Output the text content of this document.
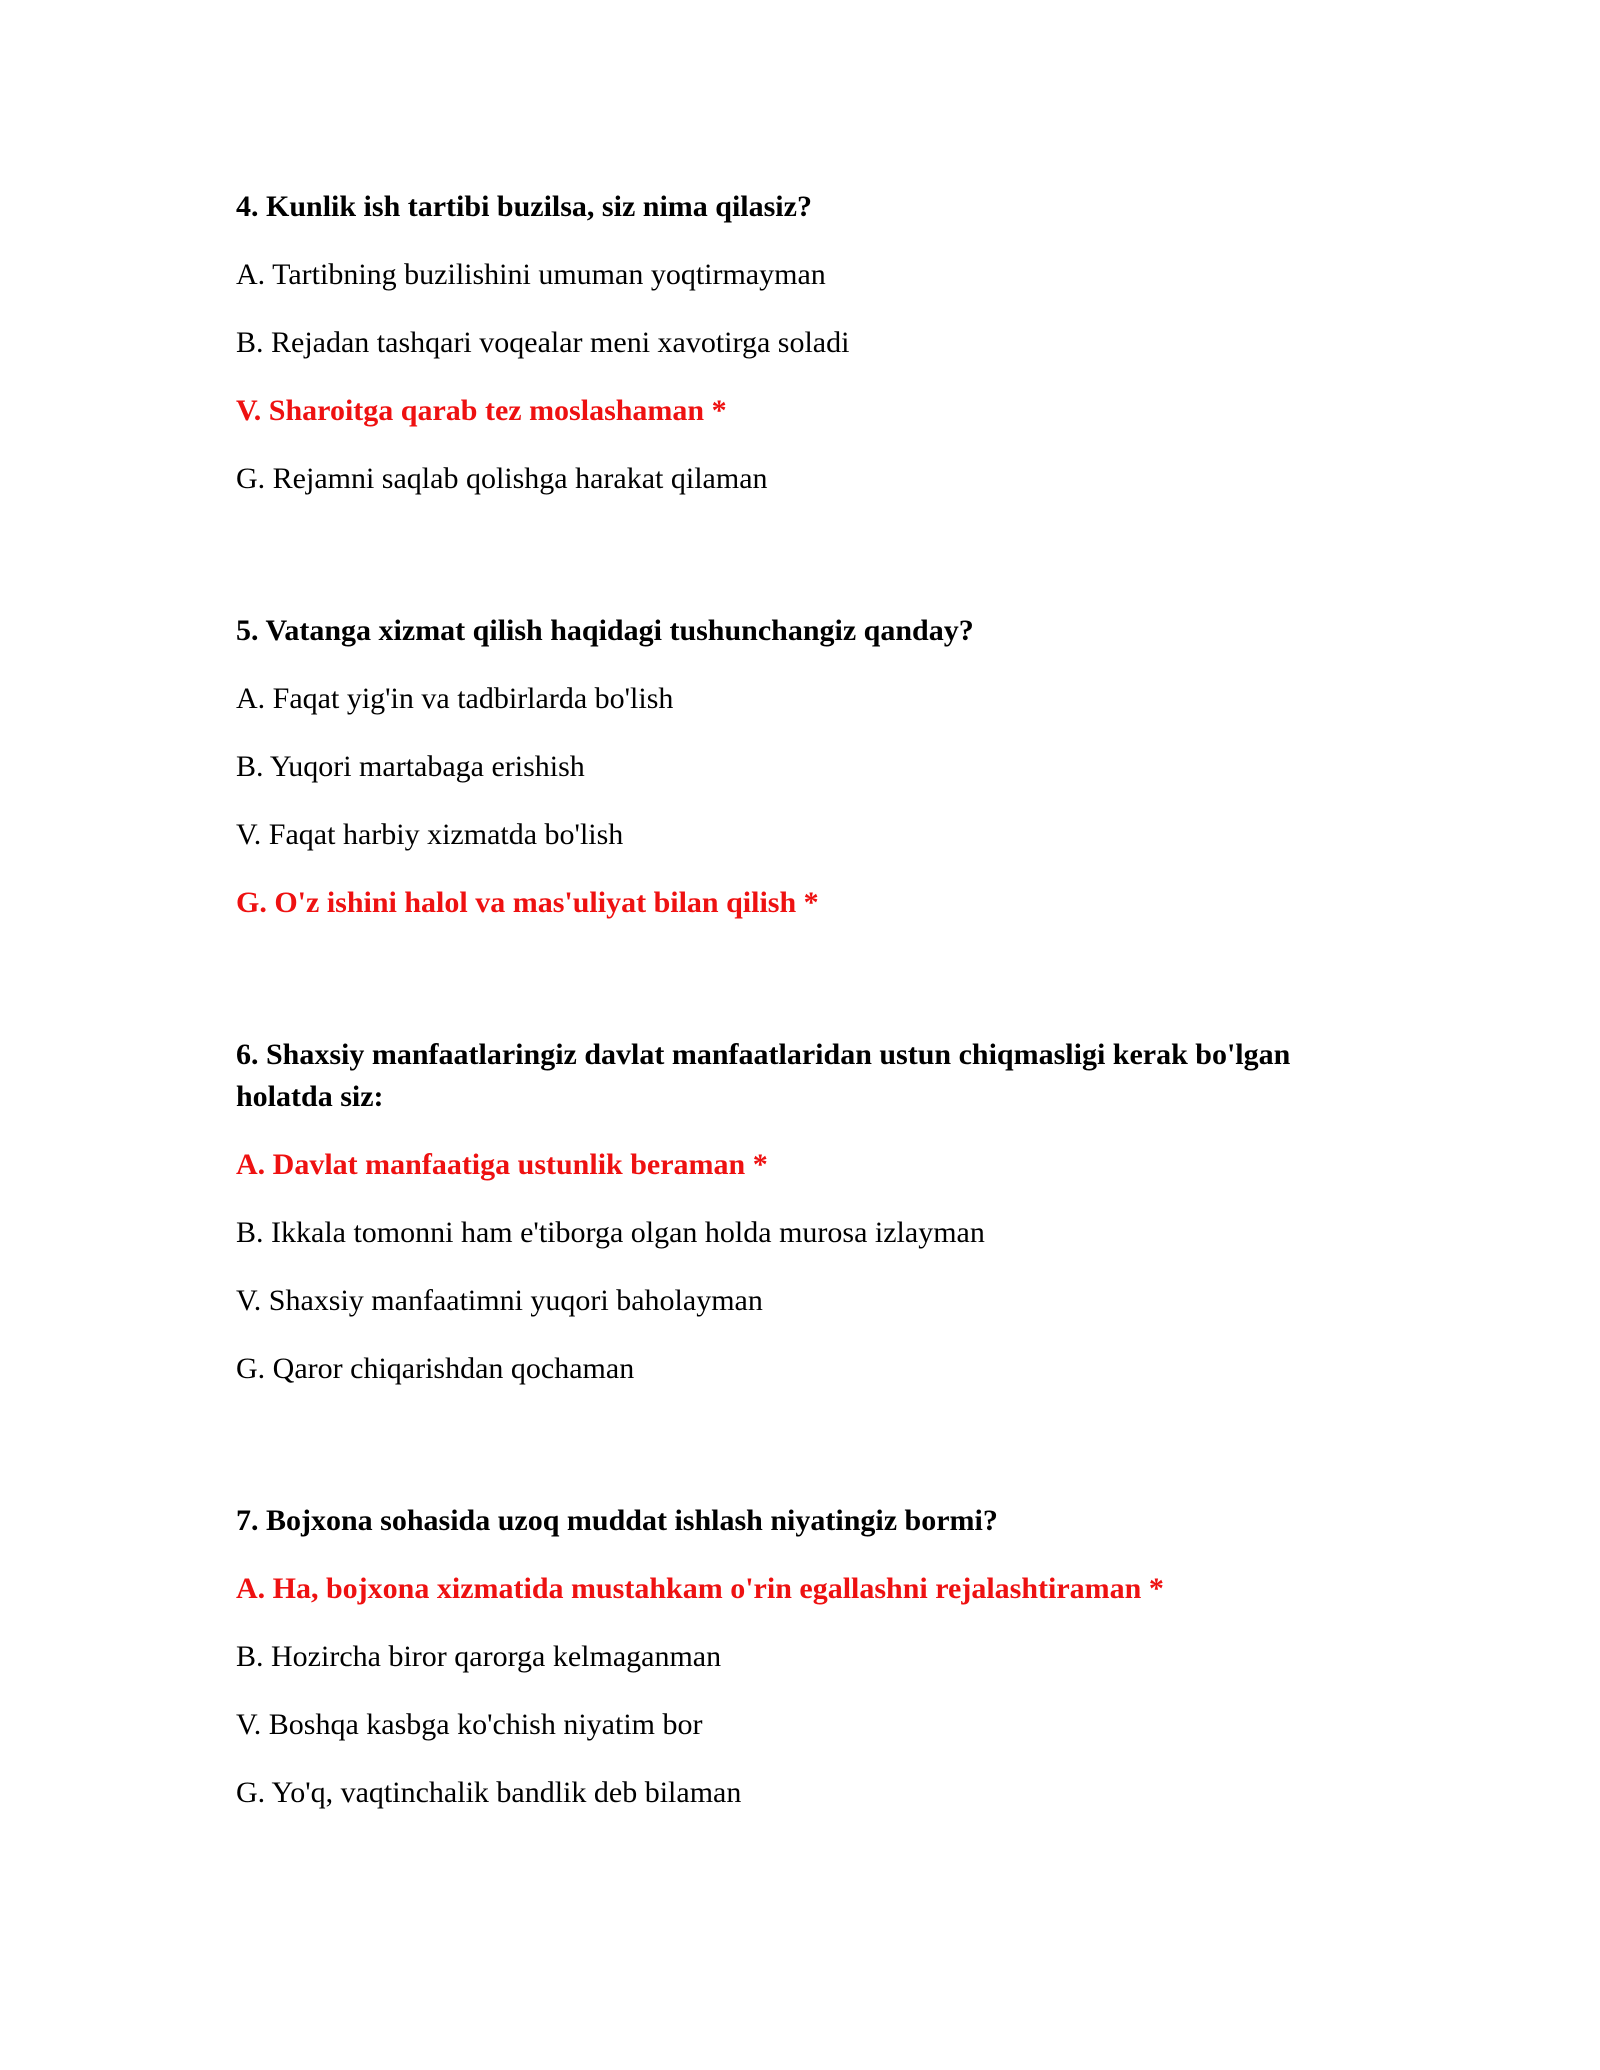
4. Kunlik ish tartibi buzilsa, siz nima qilasiz?

A. Tartibning buzilishini umuman yoqtirmayman

B. Rejadan tashqari voqealar meni xavotirga soladi

V. Sharoitga qarab tez moslashaman *

G. Rejamni saqlab qolishga harakat qilaman

5. Vatanga xizmat qilish haqidagi tushunchangiz qanday?

A. Faqat yig'in va tadbirlarda bo'lish

B. Yuqori martabaga erishish

V. Faqat harbiy xizmatda bo'lish

G. O'z ishini halol va mas'uliyat bilan qilish *

6. Shaxsiy manfaatlaringiz davlat manfaatlaridan ustun chiqmasligi kerak bo'lgan holatda siz:

A. Davlat manfaatiga ustunlik beraman *

B. Ikkala tomonni ham e'tiborga olgan holda murosa izlayman

V. Shaxsiy manfaatimni yuqori baholayman

G. Qaror chiqarishdan qochaman

7. Bojxona sohasida uzoq muddat ishlash niyatingiz bormi?

A. Ha, bojxona xizmatida mustahkam o'rin egallashni rejalashtiraman *

B. Hozircha biror qarorga kelmaganman

V. Boshqa kasbga ko'chish niyatim bor

G. Yo'q, vaqtinchalik bandlik deb bilaman
